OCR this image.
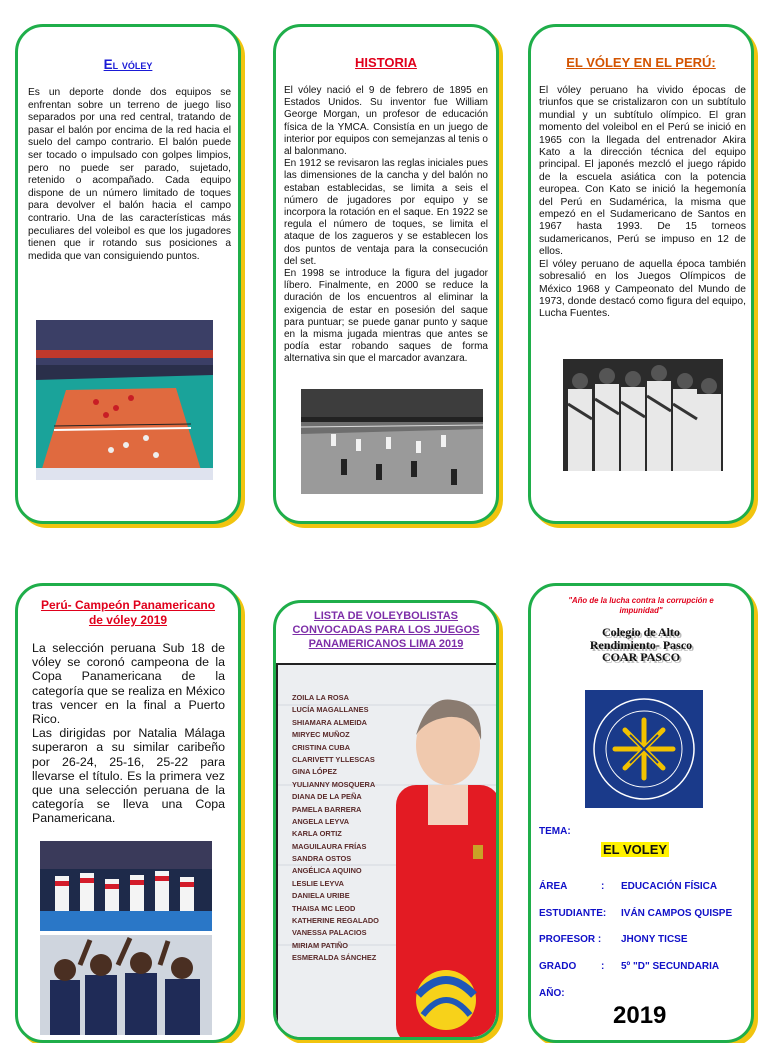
El vóley
Es un deporte donde dos equipos se enfrentan sobre un terreno de juego liso separados por una red central, tratando de pasar el balón por encima de la red hacia el suelo del campo contrario. El balón puede ser tocado o impulsado con golpes limpios, pero no puede ser parado, sujetado, retenido o acompañado. Cada equipo dispone de un número limitado de toques para devolver el balón hacia el campo contrario. Una de las características más peculiares del voleibol es que los jugadores tienen que ir rotando sus posiciones a medida que van consiguiendo puntos.
HISTORIA
El vóley nació el 9 de febrero de 1895 en Estados Unidos. Su inventor fue William George Morgan, un profesor de educación física de la YMCA. Consistía en un juego de interior por equipos con semejanzas al tenis o al balonmano.
En 1912 se revisaron las reglas iniciales pues las dimensiones de la cancha y del balón no estaban establecidas, se limita a seis el número de jugadores por equipo y se incorpora la rotación en el saque. En 1922 se regula el número de toques, se limita el ataque de los zagueros y se establecen los dos puntos de ventaja para la consecución del set.
En 1998 se introduce la figura del jugador líbero. Finalmente, en 2000 se reduce la duración de los encuentros al eliminar la exigencia de estar en posesión del saque para puntuar; se puede ganar punto y saque en la misma jugada mientras que antes se podía estar robando saques de forma alternativa sin que el marcador avanzara.
EL VÓLEY EN EL PERÚ:
El vóley peruano ha vivido épocas de triunfos que se cristalizaron con un subtítulo mundial y un subtítulo olímpico. El gran momento del voleibol en el Perú se inició en 1965 con la llegada del entrenador Akira Kato a la dirección técnica del equipo principal. El japonés mezcló el juego rápido de la escuela asiática con la potencia europea. Con Kato se inició la hegemonía del Perú en Sudamérica, la misma que empezó en el Sudamericano de Santos en 1967 hasta 1993. De 15 torneos sudamericanos, Perú se impuso en 12 de ellos.
El vóley peruano de aquella época también sobresalió en los Juegos Olímpicos de México 1968 y Campeonato del Mundo de 1973, donde destacó como figura del equipo, Lucha Fuentes.
Perú- Campeón Panamericano de vóley 2019
La selección peruana Sub 18 de vóley se coronó campeona de la Copa Panamericana de la categoría que se realiza en México tras vencer en la final a Puerto Rico.
Las dirigidas por Natalia Málaga superaron a su similar caribeño por 26-24, 25-16, 25-22 para llevarse el título. Es la primera vez que una selección peruana de la categoría se lleva una Copa Panamericana.
LISTA DE VOLEYBOLISTAS CONVOCADAS PARA LOS JUEGOS PANAMERICANOS LIMA 2019
ZOILA LA ROSA
LUCÍA MAGALLANES
SHIAMARA ALMEIDA
MIRYEC MUÑOZ
CRISTINA CUBA
CLARIVETT YLLESCAS
GINA LÓPEZ
YULIANNY MOSQUERA
DIANA DE LA PEÑA
PAMELA BARRERA
ANGELA LEYVA
KARLA ORTIZ
MAGUILAURA FRÍAS
SANDRA OSTOS
ANGÉLICA AQUINO
LESLIE LEYVA
DANIELA URIBE
THAISA MC LEOD
KATHERINE REGALADO
VANESSA PALACIOS
MIRIAM PATIÑO
ESMERALDA SÁNCHEZ
"Año de la lucha contra la corrupción e impunidad"
Colegio de Alto
Rendimiento- Pasco
COAR PASCO
TEMA:
EL VOLEY
ÁREA	: EDUCACIÓN FÍSICA
ESTUDIANTE: IVÁN CAMPOS QUISPE
PROFESOR : JHONY TICSE
GRADO : 5º "D" SECUNDARIA
AÑO:
2019
